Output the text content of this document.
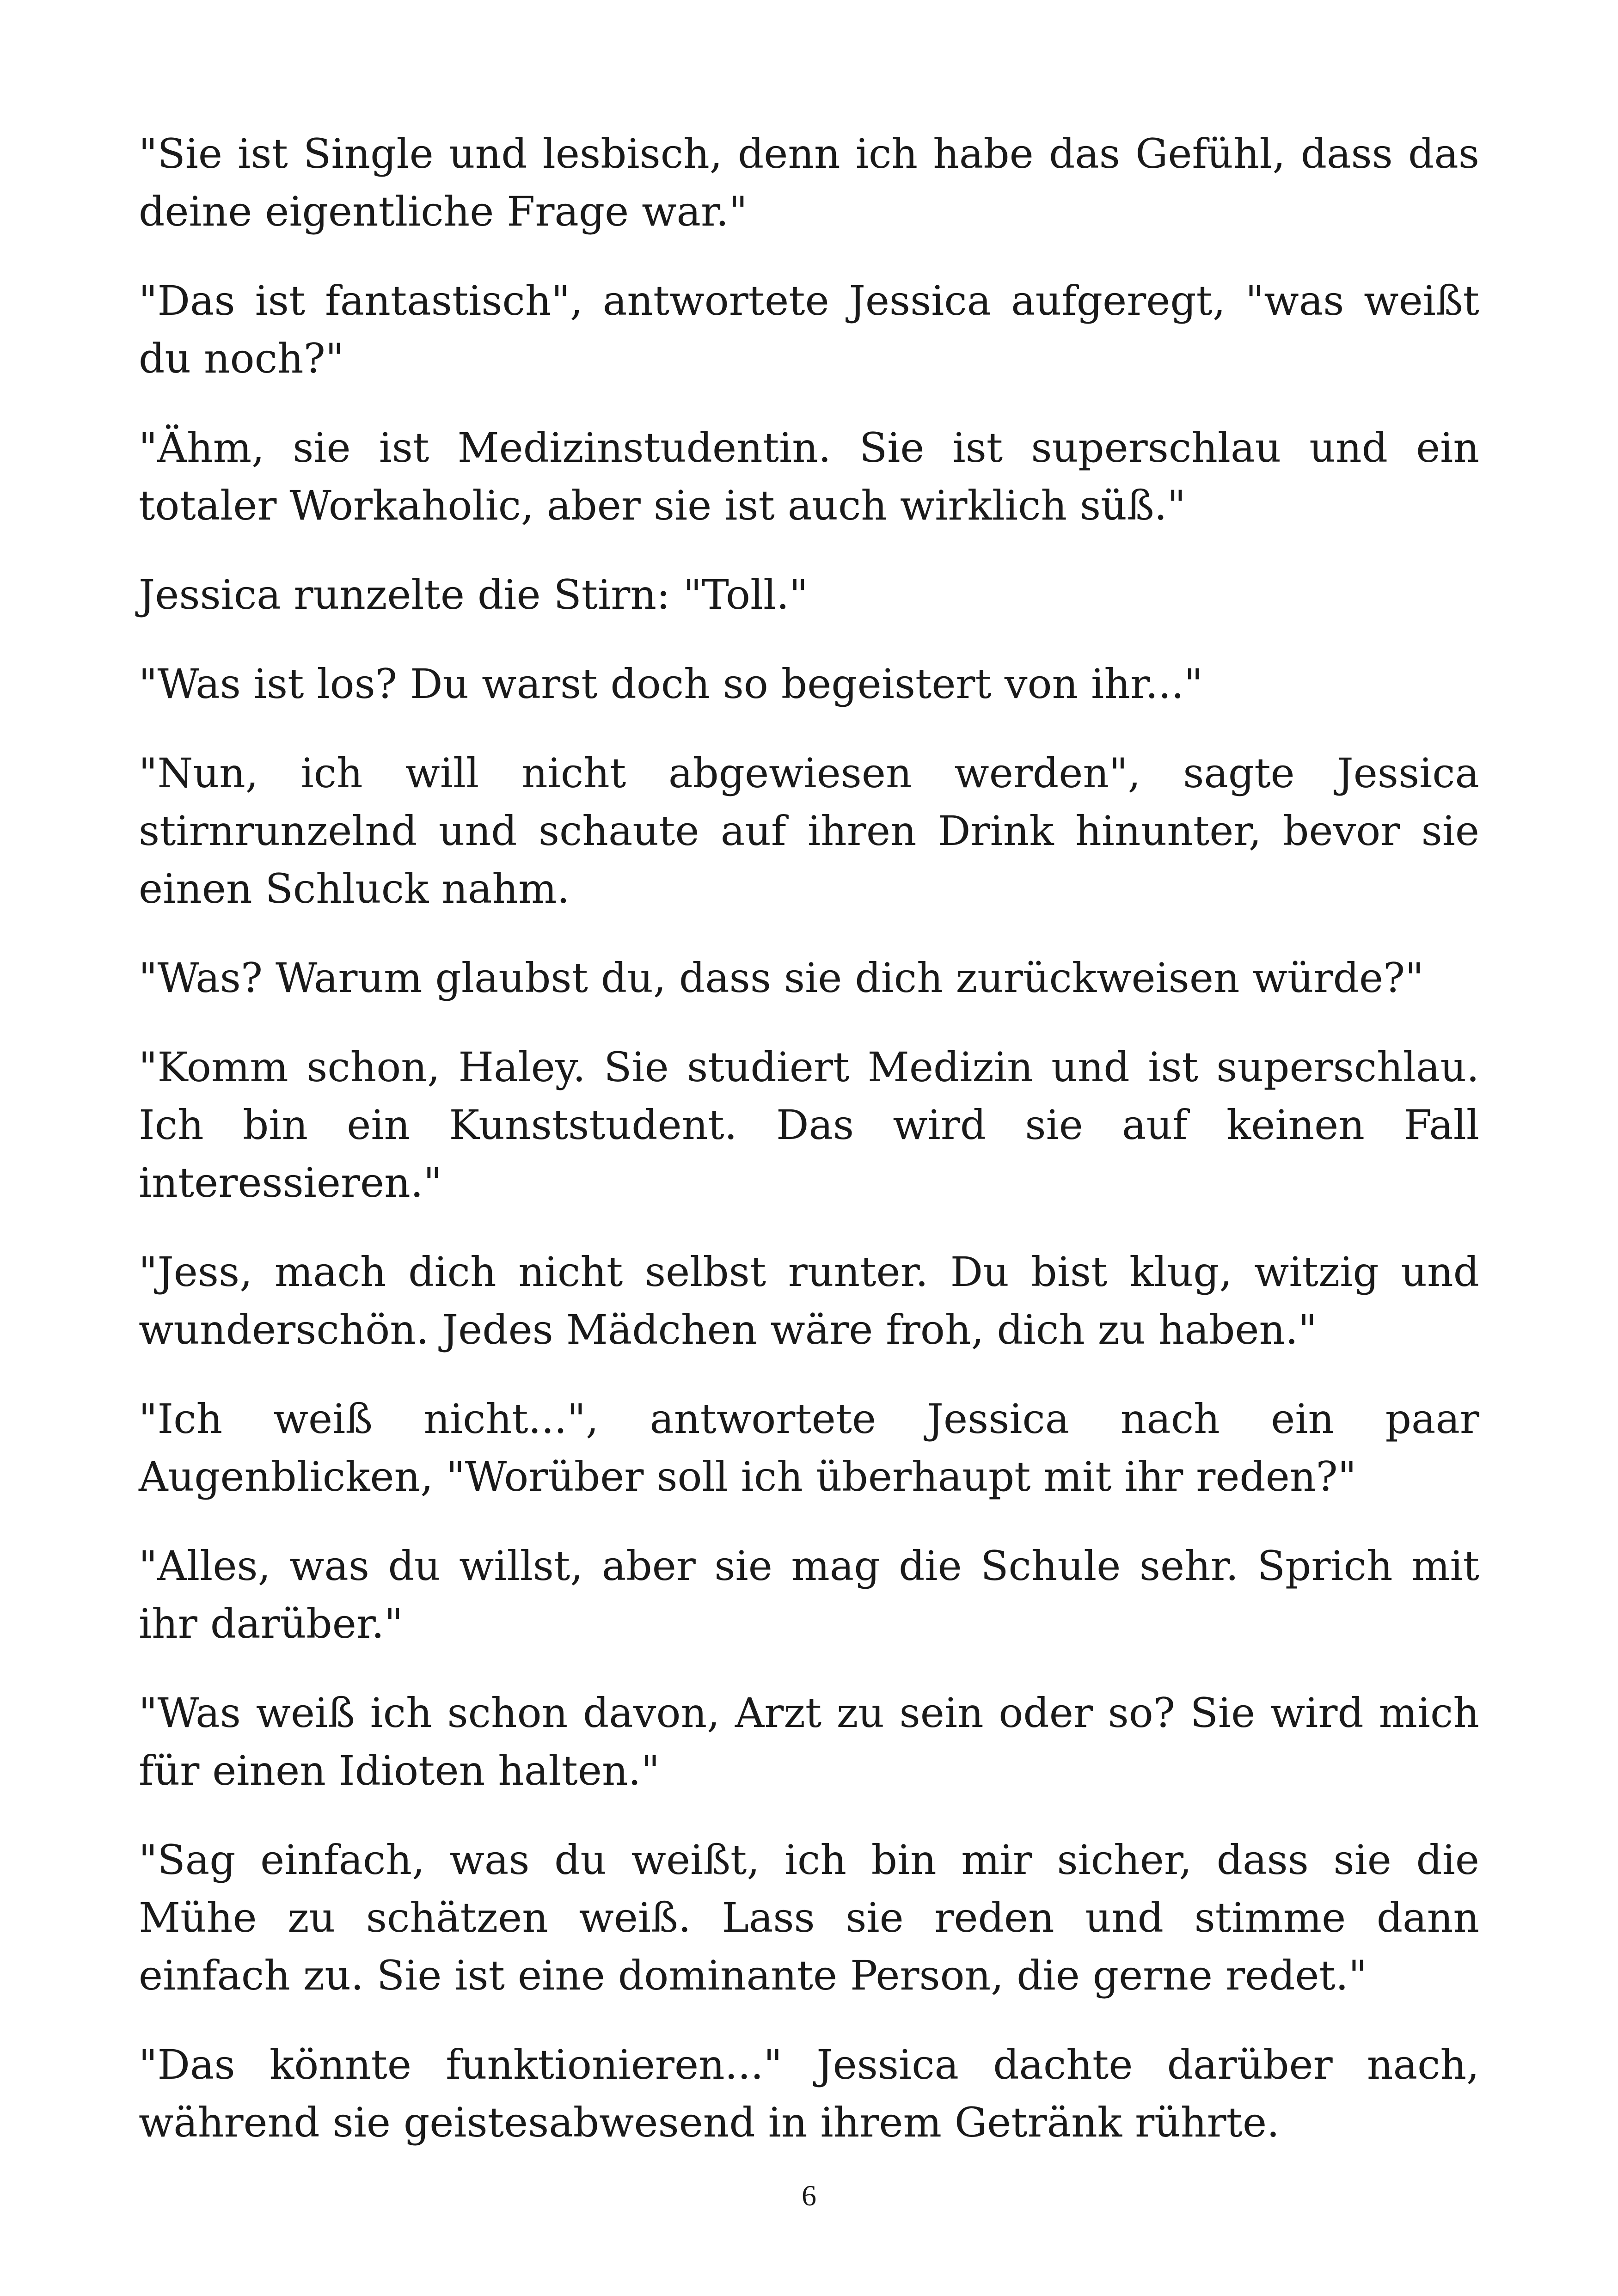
"Sie ist Single und lesbisch, denn ich habe das Gefühl, dass das deine eigentliche Frage war."

"Das ist fantastisch", antwortete Jessica aufgeregt, "was weißt du noch?"

"Ähm, sie ist Medizinstudentin. Sie ist superschlau und ein totaler Workaholic, aber sie ist auch wirklich süß."

Jessica runzelte die Stirn: "Toll."

"Was ist los? Du warst doch so begeistert von ihr..."

"Nun, ich will nicht abgewiesen werden", sagte Jessica stirnrunzelnd und schaute auf ihren Drink hinunter, bevor sie einen Schluck nahm.

"Was? Warum glaubst du, dass sie dich zurückweisen würde?"

"Komm schon, Haley. Sie studiert Medizin und ist superschlau. Ich bin ein Kunststudent. Das wird sie auf keinen Fall interessieren."

"Jess, mach dich nicht selbst runter. Du bist klug, witzig und wunderschön. Jedes Mädchen wäre froh, dich zu haben."

"Ich weiß nicht...", antwortete Jessica nach ein paar Augenblicken, "Worüber soll ich überhaupt mit ihr reden?"

"Alles, was du willst, aber sie mag die Schule sehr. Sprich mit ihr darüber."

"Was weiß ich schon davon, Arzt zu sein oder so? Sie wird mich für einen Idioten halten."

"Sag einfach, was du weißt, ich bin mir sicher, dass sie die Mühe zu schätzen weiß. Lass sie reden und stimme dann einfach zu. Sie ist eine dominante Person, die gerne redet."

"Das könnte funktionieren..." Jessica dachte darüber nach, während sie geistesabwesend in ihrem Getränk rührte.

6
